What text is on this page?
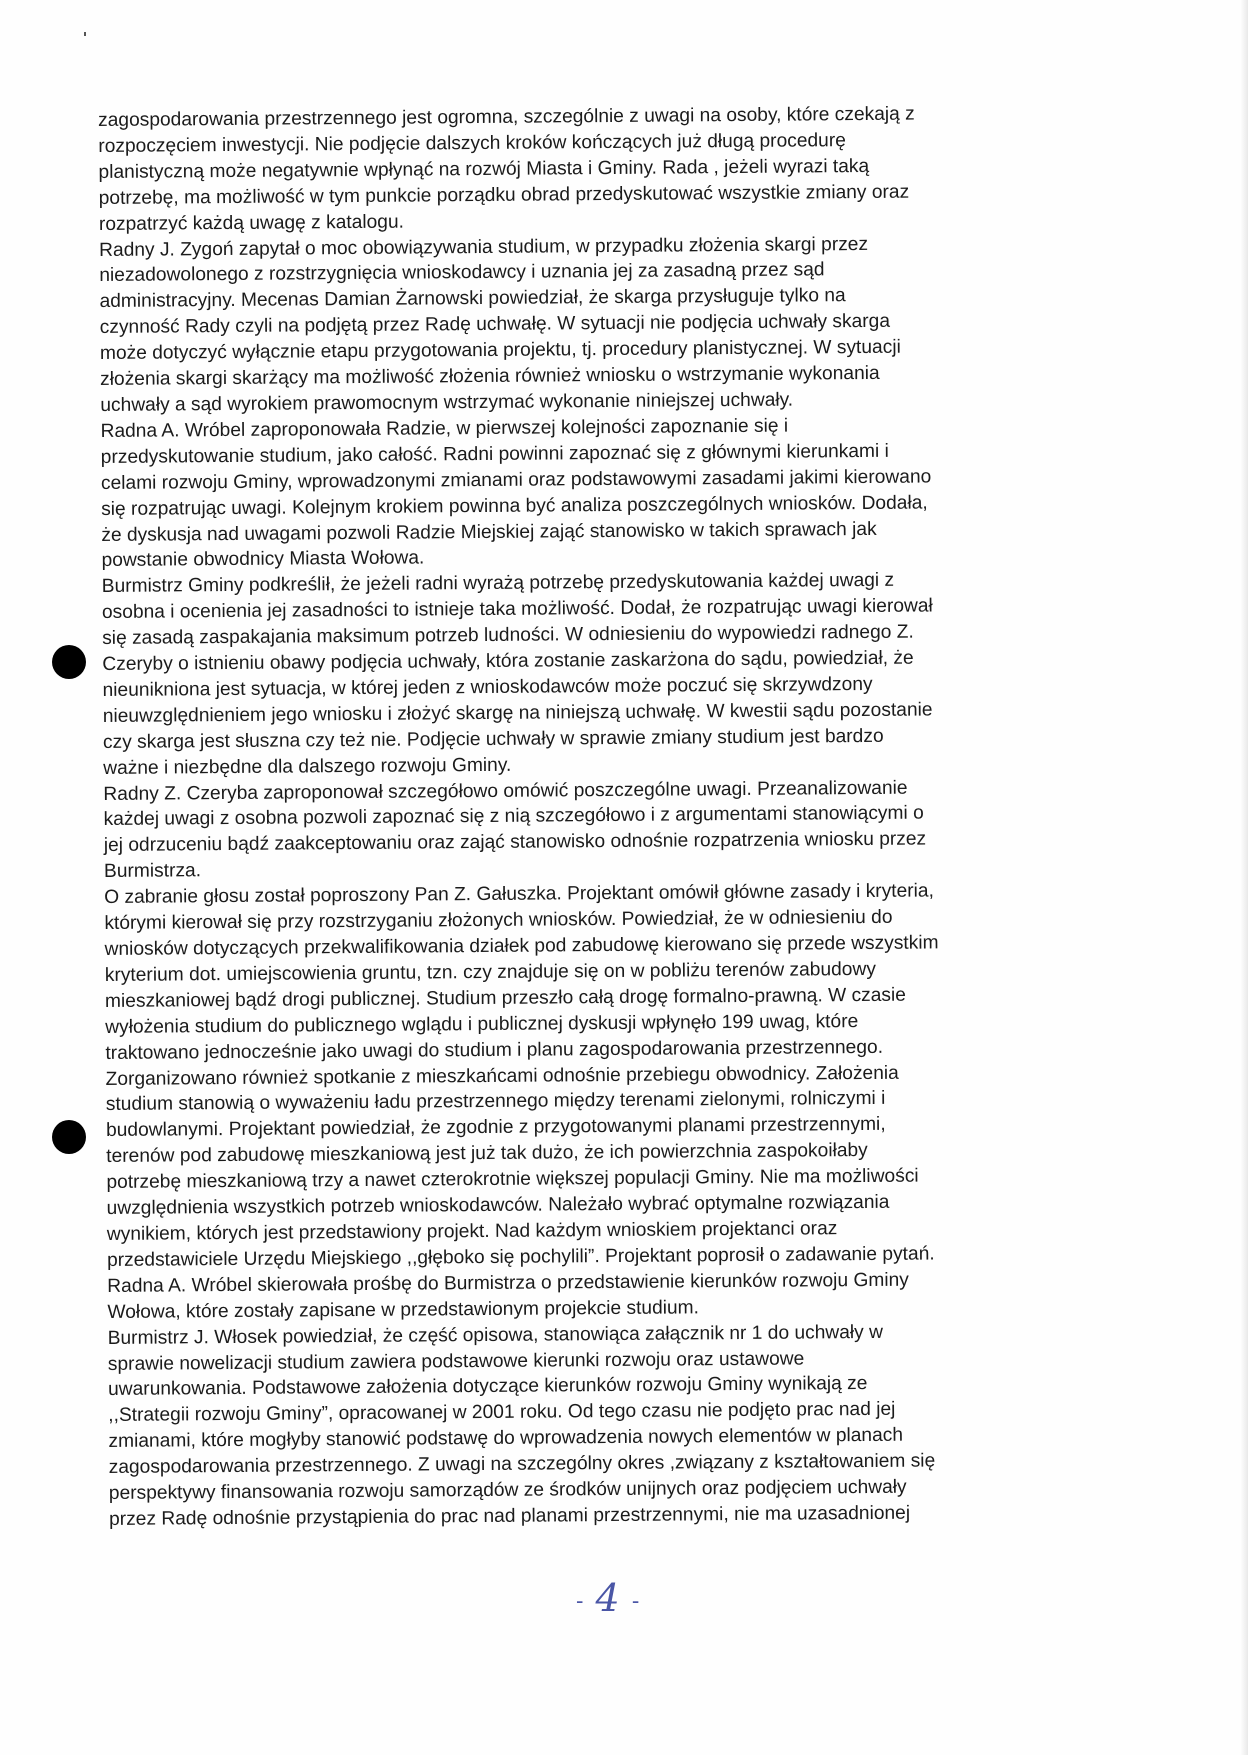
zagospodarowania przestrzennego jest ogromna, szczególnie z uwagi na osoby, które czekają z
rozpoczęciem inwestycji. Nie podjęcie dalszych kroków kończących już długą procedurę
planistyczną może negatywnie wpłynąć na rozwój Miasta i Gminy. Rada , jeżeli wyrazi taką
potrzebę, ma możliwość w tym punkcie porządku obrad przedyskutować wszystkie zmiany oraz
rozpatrzyć każdą uwagę z katalogu.
Radny J. Zygoń zapytał o moc obowiązywania studium, w przypadku złożenia skargi przez
niezadowolonego z rozstrzygnięcia wnioskodawcy i uznania jej za zasadną przez sąd
administracyjny. Mecenas Damian Żarnowski powiedział, że skarga przysługuje tylko na
czynność Rady czyli na podjętą przez Radę uchwałę. W sytuacji nie podjęcia uchwały skarga
może dotyczyć wyłącznie etapu przygotowania projektu, tj. procedury planistycznej. W sytuacji
złożenia skargi skarżący ma możliwość złożenia również wniosku o wstrzymanie wykonania
uchwały a sąd wyrokiem prawomocnym wstrzymać wykonanie niniejszej uchwały.
Radna A. Wróbel zaproponowała Radzie, w pierwszej kolejności zapoznanie się i
przedyskutowanie studium, jako całość. Radni powinni zapoznać się z głównymi kierunkami i
celami rozwoju Gminy, wprowadzonymi zmianami oraz podstawowymi zasadami jakimi kierowano
się rozpatrując uwagi. Kolejnym krokiem powinna być analiza poszczególnych wniosków. Dodała,
że dyskusja nad uwagami pozwoli Radzie Miejskiej zająć stanowisko w takich sprawach jak
powstanie obwodnicy Miasta Wołowa.
Burmistrz Gminy podkreślił, że jeżeli radni wyrażą potrzebę przedyskutowania każdej uwagi z
osobna i ocenienia jej zasadności to istnieje taka możliwość. Dodał, że rozpatrując uwagi kierował
się zasadą zaspakajania maksimum potrzeb ludności. W odniesieniu do wypowiedzi radnego Z.
Czeryby o istnieniu obawy podjęcia uchwały, która zostanie zaskarżona do sądu, powiedział, że
nieunikniona jest sytuacja, w której jeden z wnioskodawców może poczuć się skrzywdzony
nieuwzględnieniem jego wniosku i złożyć skargę na niniejszą uchwałę. W kwestii sądu pozostanie
czy skarga jest słuszna czy też nie. Podjęcie uchwały w sprawie zmiany studium jest bardzo
ważne i niezbędne dla dalszego rozwoju Gminy.
Radny Z. Czeryba zaproponował szczegółowo omówić poszczególne uwagi. Przeanalizowanie
każdej uwagi z osobna pozwoli zapoznać się z nią szczegółowo i z argumentami stanowiącymi o
jej odrzuceniu bądź zaakceptowaniu oraz zająć stanowisko odnośnie rozpatrzenia wniosku przez
Burmistrza.
O zabranie głosu został poproszony Pan Z. Gałuszka. Projektant omówił główne zasady i kryteria,
którymi kierował się przy rozstrzyganiu złożonych wniosków. Powiedział, że w odniesieniu do
wniosków dotyczących przekwalifikowania działek pod zabudowę kierowano się przede wszystkim
kryterium dot. umiejscowienia gruntu, tzn. czy znajduje się on w pobliżu terenów zabudowy
mieszkaniowej bądź drogi publicznej. Studium przeszło całą drogę formalno-prawną. W czasie
wyłożenia studium do publicznego wglądu i publicznej dyskusji wpłynęło 199 uwag, które
traktowano jednocześnie jako uwagi do studium i planu zagospodarowania przestrzennego.
Zorganizowano również spotkanie z mieszkańcami odnośnie przebiegu obwodnicy. Założenia
studium stanowią o wyważeniu ładu przestrzennego między terenami zielonymi, rolniczymi i
budowlanymi. Projektant powiedział, że zgodnie z przygotowanymi planami przestrzennymi,
terenów pod zabudowę mieszkaniową jest już tak dużo, że ich powierzchnia zaspokoiłaby
potrzebę mieszkaniową trzy a nawet czterokrotnie większej populacji Gminy. Nie ma możliwości
uwzględnienia wszystkich potrzeb wnioskodawców. Należało wybrać optymalne rozwiązania
wynikiem, których jest przedstawiony projekt. Nad każdym wnioskiem projektanci oraz
przedstawiciele Urzędu Miejskiego ,,głęboko się pochylili”. Projektant poprosił o zadawanie pytań.
Radna A. Wróbel skierowała prośbę do Burmistrza o przedstawienie kierunków rozwoju Gminy
Wołowa, które zostały zapisane w przedstawionym projekcie studium.
Burmistrz J. Włosek powiedział, że część opisowa, stanowiąca załącznik nr 1 do uchwały w
sprawie nowelizacji studium zawiera podstawowe kierunki rozwoju oraz ustawowe
uwarunkowania. Podstawowe założenia dotyczące kierunków rozwoju Gminy wynikają ze
,,Strategii rozwoju Gminy”, opracowanej w 2001 roku. Od tego czasu nie podjęto prac nad jej
zmianami, które mogłyby stanowić podstawę do wprowadzenia nowych elementów w planach
zagospodarowania przestrzennego. Z uwagi na szczególny okres ,związany z kształtowaniem się
perspektywy finansowania rozwoju samorządów ze środków unijnych oraz podjęciem uchwały
przez Radę odnośnie przystąpienia do prac nad planami przestrzennymi, nie ma uzasadnionej
- 4 -
